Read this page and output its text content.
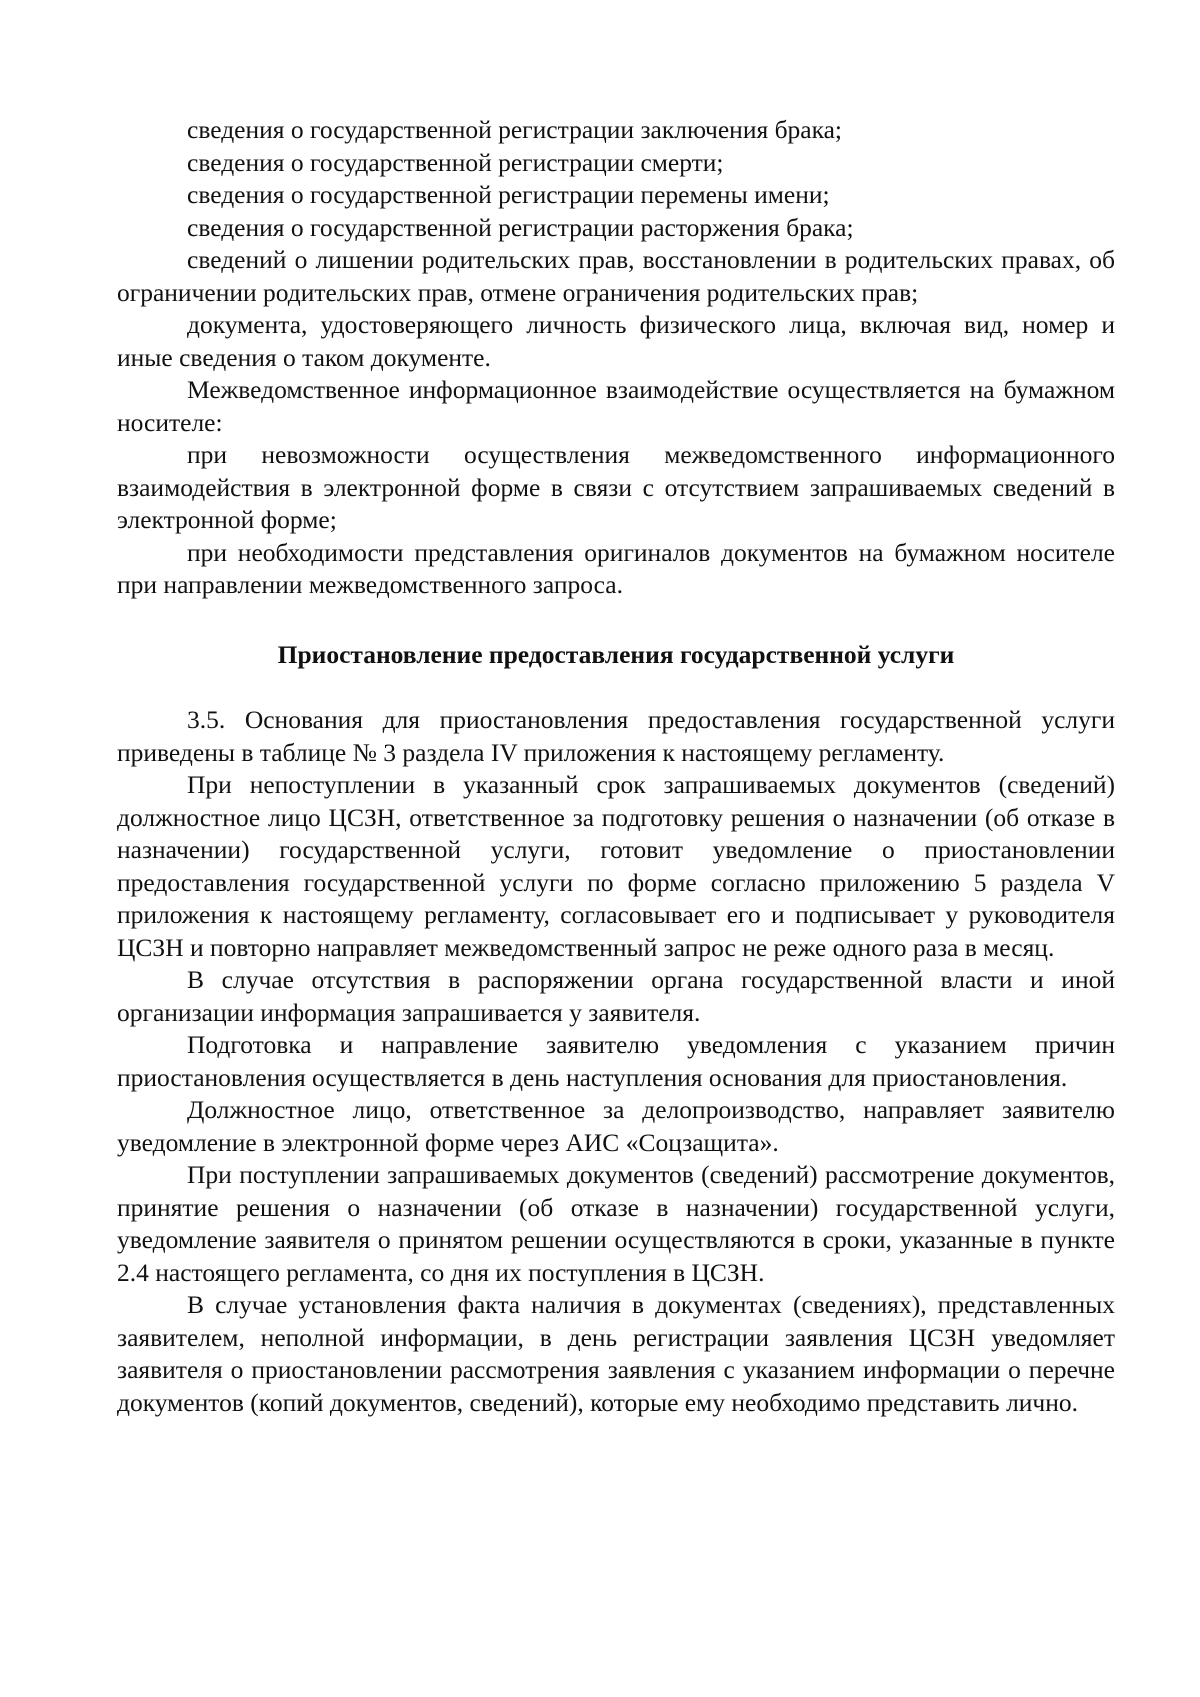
сведения о государственной регистрации заключения брака;

сведения о государственной регистрации смерти;

сведения о государственной регистрации перемены имени;

сведения о государственной регистрации расторжения брака;

сведений о лишении родительских прав, восстановлении в родительских правах, об ограничении родительских прав, отмене ограничения родительских прав;

документа, удостоверяющего личность физического лица, включая вид, номер и иные сведения о таком документе.

Межведомственное информационное взаимодействие осуществляется на бумажном носителе:

при невозможности осуществления межведомственного информационного взаимодействия в электронной форме в связи с отсутствием запрашиваемых сведений в электронной форме;

при необходимости представления оригиналов документов на бумажном носителе при направлении межведомственного запроса.

Приостановление предоставления государственной услуги

3.5. Основания для приостановления предоставления государственной услуги приведены в таблице № 3 раздела IV приложения к настоящему регламенту.

При непоступлении в указанный срок запрашиваемых документов (сведений) должностное лицо ЦСЗН, ответственное за подготовку решения о назначении (об отказе в назначении) государственной услуги, готовит уведомление о приостановлении предоставления государственной услуги по форме согласно приложению 5 раздела V приложения к настоящему регламенту, согласовывает его и подписывает у руководителя ЦСЗН и повторно направляет межведомственный запрос не реже одного раза в месяц.

В случае отсутствия в распоряжении органа государственной власти и иной организации информация запрашивается у заявителя.

Подготовка и направление заявителю уведомления с указанием причин приостановления осуществляется в день наступления основания для приостановления.

Должностное лицо, ответственное за делопроизводство, направляет заявителю уведомление в электронной форме через АИС «Соцзащита».

При поступлении запрашиваемых документов (сведений) рассмотрение документов, принятие решения о назначении (об отказе в назначении) государственной услуги, уведомление заявителя о принятом решении осуществляются в сроки, указанные в пункте 2.4 настоящего регламента, со дня их поступления в ЦСЗН.

В случае установления факта наличия в документах (сведениях), представленных заявителем, неполной информации, в день регистрации заявления ЦСЗН уведомляет заявителя о приостановлении рассмотрения заявления с указанием информации о перечне документов (копий документов, сведений), которые ему необходимо представить лично.
